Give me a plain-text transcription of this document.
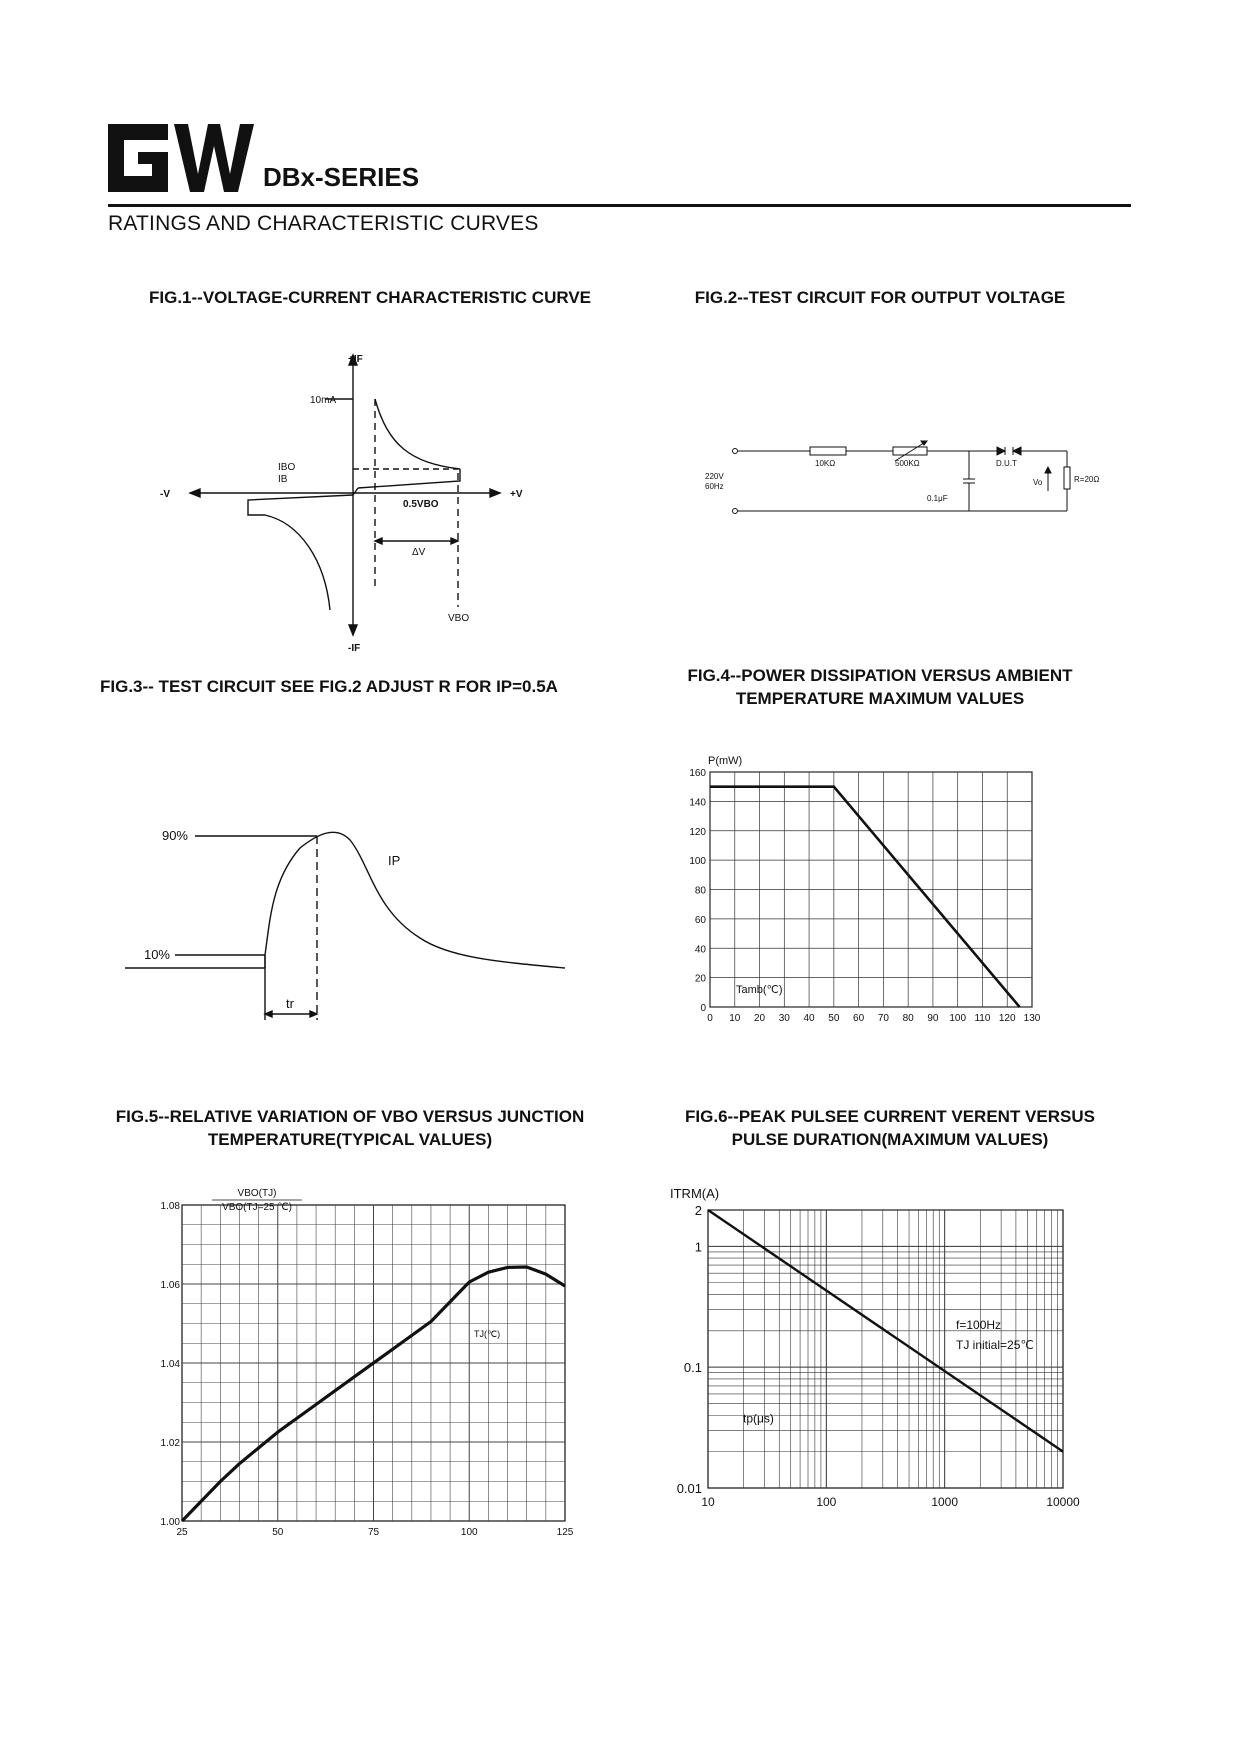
DBx-SERIES
RATINGS AND CHARACTERISTIC CURVES
FIG.1--VOLTAGE-CURRENT CHARACTERISTIC CURVE
+IF
-IF
+V
-V
10mA
IBO
IB
0.5VBO
ΔV
VBO
FIG.2--TEST CIRCUIT FOR OUTPUT VOLTAGE
220V
60Hz
10KΩ	500KΩ
0.1μF
D.U.T
Vo	R=20Ω
FIG.3-- TEST CIRCUIT SEE FIG.2 ADJUST R FOR IP=0.5A
90%
10%
IP
tr
FIG.4--POWER DISSIPATION VERSUS AMBIENT
TEMPERATURE MAXIMUM VALUES
0 10 20 30 40 50 60 70 80 90 100 110 120 130
0
20
40
60
80
100
120
140
160
P(mW)
Tamb(℃)
FIG.5--RELATIVE VARIATION OF VBO VERSUS JUNCTION
TEMPERATURE(TYPICAL VALUES)
25	50	75	100	125
1.00
1.02
1.04
1.06
1.08
VBO(TJ)
VBO(TJ=25 ℃)
TJ(℃)
FIG.6--PEAK PULSEE CURRENT VERENT VERSUS
PULSE DURATION(MAXIMUM VALUES)
10	100	1000	10000
0.01
0.1
1
2
ITRM(A)
tp(μs)
f=100Hz
TJ initial=25℃
